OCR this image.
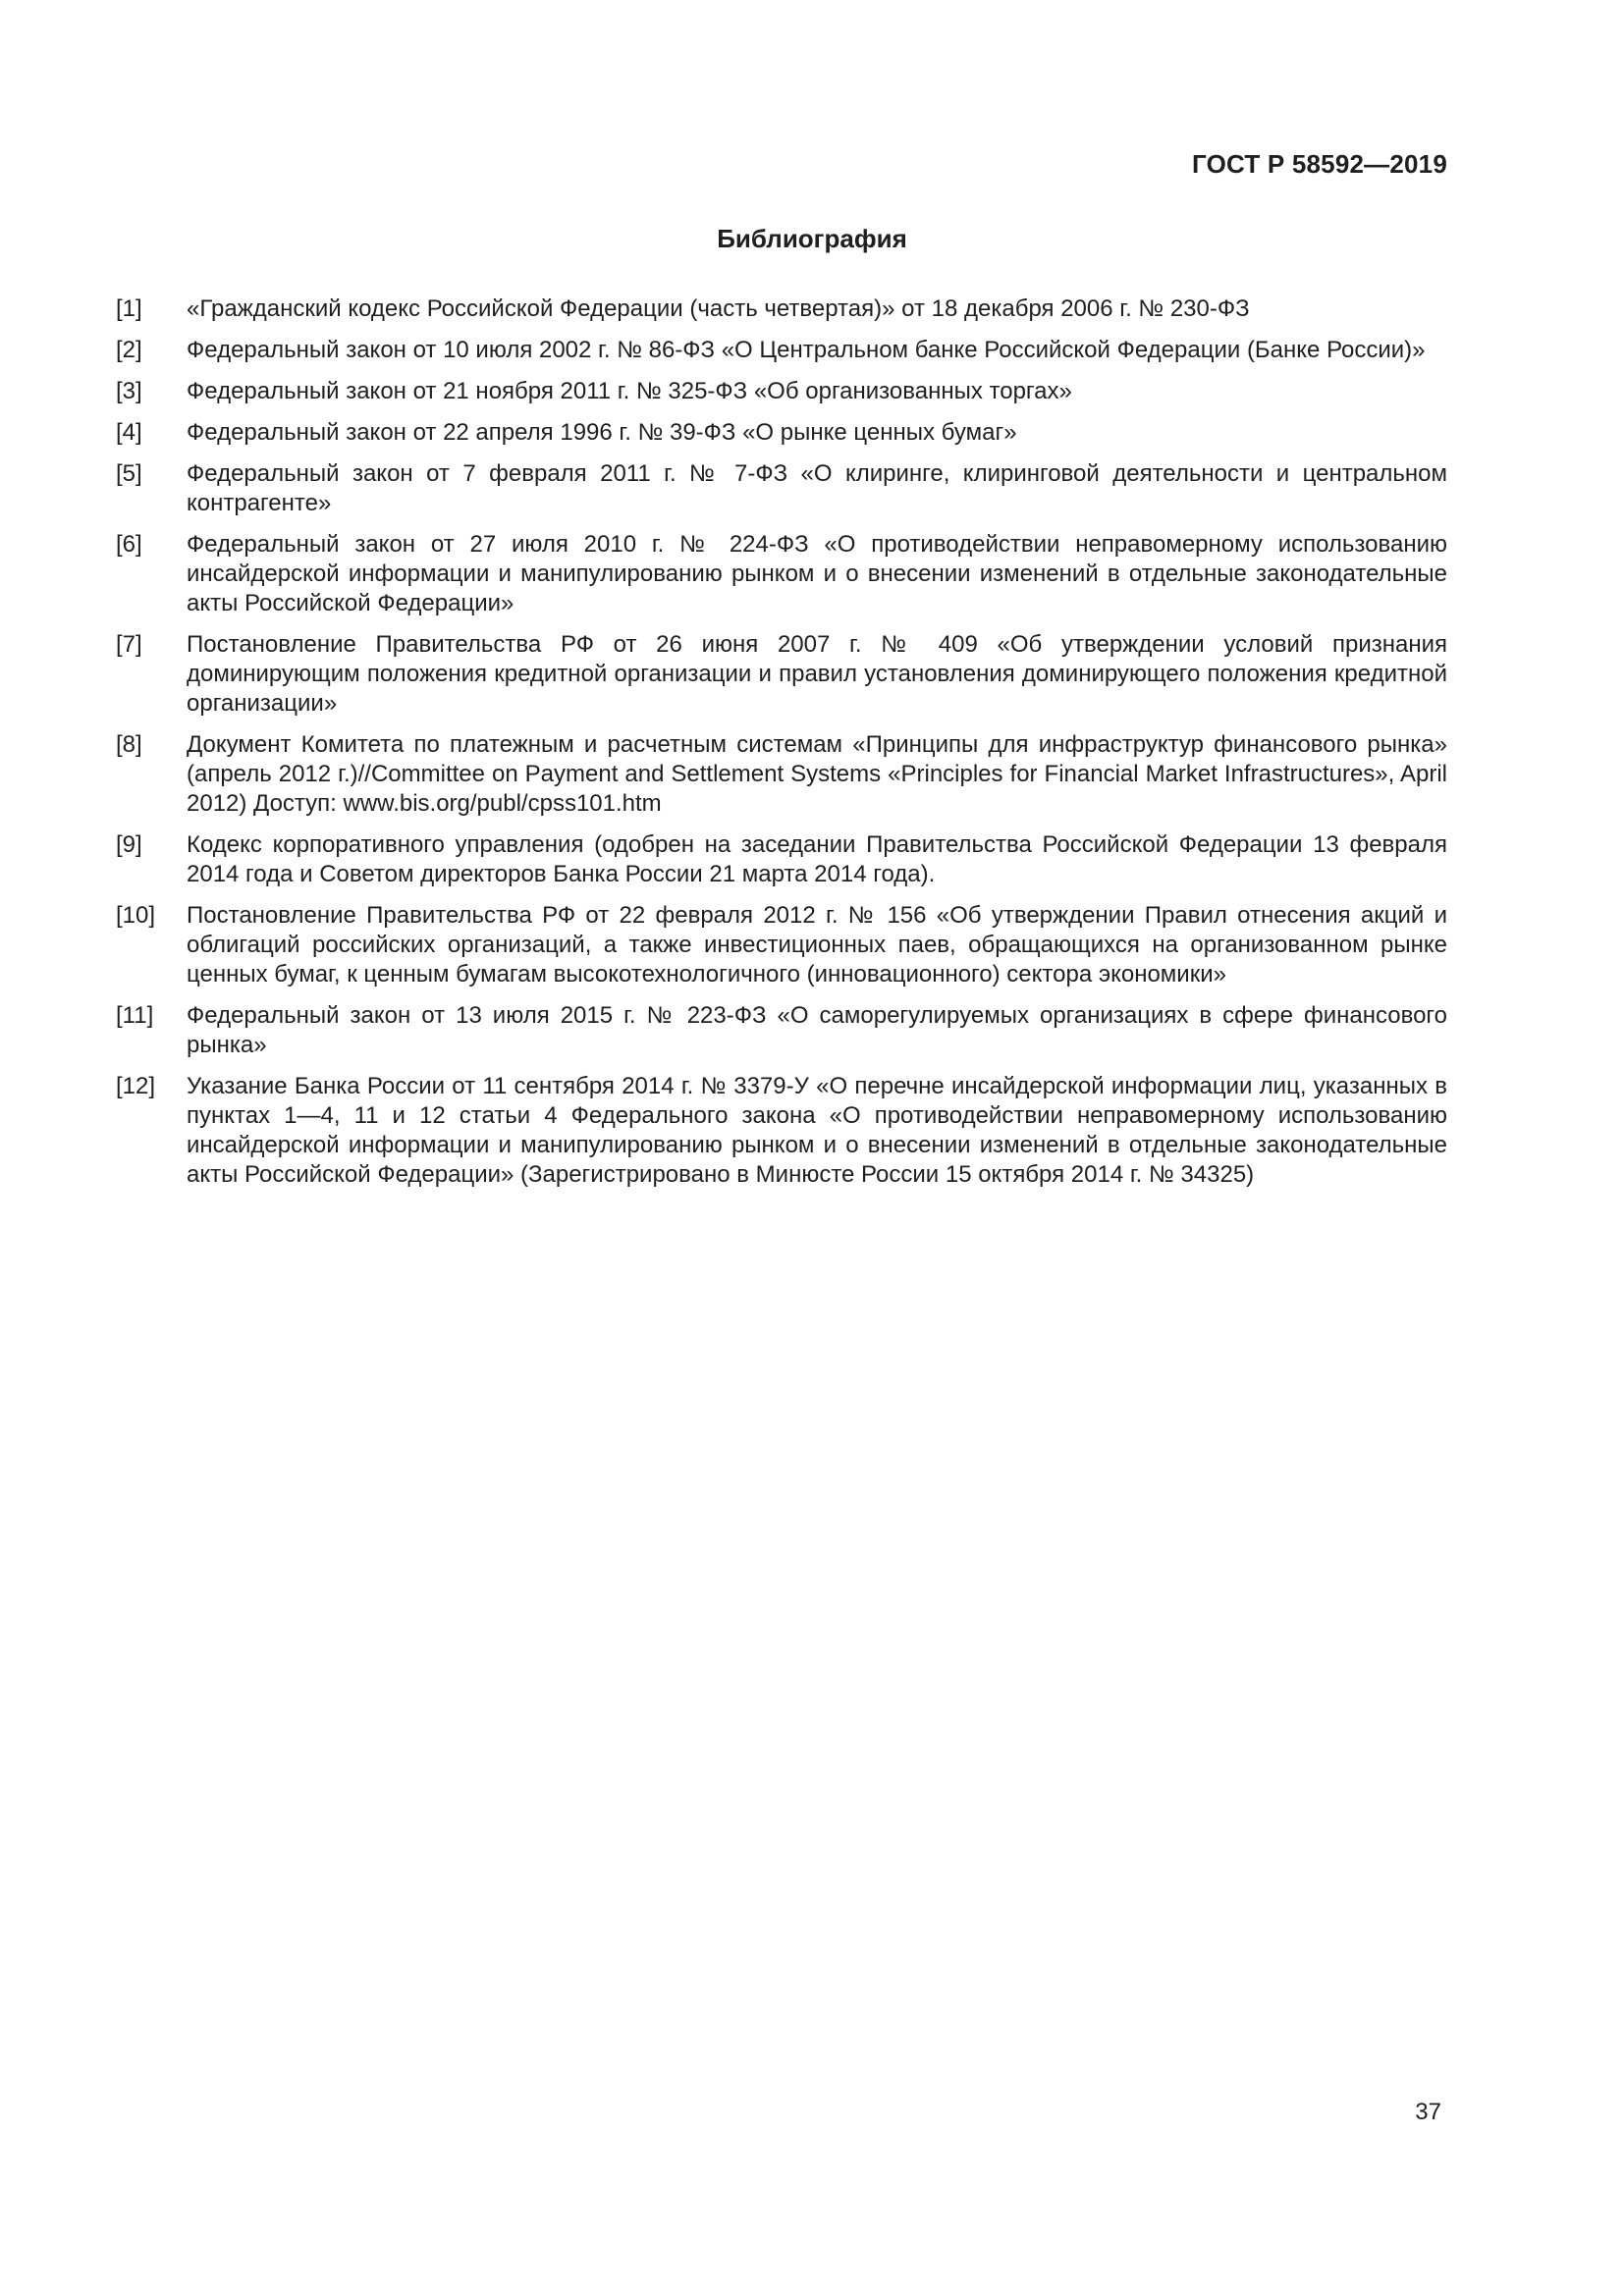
ГОСТ Р 58592—2019

Библиография
[1]	«Гражданский кодекс Российской Федерации (часть четвертая)» от 18 декабря 2006 г. № 230-ФЗ
[2]	Федеральный закон от 10 июля 2002 г. № 86-ФЗ «О Центральном банке Российской Федерации (Банке России)»
[3]	Федеральный закон от 21 ноября 2011 г. № 325-ФЗ «Об организованных торгах»
[4]	Федеральный закон от 22 апреля 1996 г. № 39-ФЗ «О рынке ценных бумаг»
[5]	Федеральный закон от 7 февраля 2011 г. № 7-ФЗ «О клиринге, клиринговой деятельности и центральном контрагенте»
[6]	Федеральный закон от 27 июля 2010 г. № 224-ФЗ «О противодействии неправомерному использованию инсайдерской информации и манипулированию рынком и о внесении изменений в отдельные законодательные акты Российской Федерации»
[7]	Постановление Правительства РФ от 26 июня 2007 г. № 409 «Об утверждении условий признания доминирующим положения кредитной организации и правил установления доминирующего положения кредитной организации»
[8]	Документ Комитета по платежным и расчетным системам «Принципы для инфраструктур финансового рынка» (апрель 2012 г.)//Committee on Payment and Settlement Systems «Principles for Financial Market Infrastructures», April 2012) Доступ: www.bis.org/publ/cpss101.htm
[9]	Кодекс корпоративного управления (одобрен на заседании Правительства Российской Федерации 13 февраля 2014 года и Советом директоров Банка России 21 марта 2014 года).
[10]	Постановление Правительства РФ от 22 февраля 2012 г. № 156 «Об утверждении Правил отнесения акций и облигаций российских организаций, а также инвестиционных паев, обращающихся на организованном рынке ценных бумаг, к ценным бумагам высокотехнологичного (инновационного) сектора экономики»
[11]	Федеральный закон от 13 июля 2015 г. № 223-ФЗ «О саморегулируемых организациях в сфере финансового рынка»
[12]	Указание Банка России от 11 сентября 2014 г. № 3379-У «О перечне инсайдерской информации лиц, указанных в пунктах 1—4, 11 и 12 статьи 4 Федерального закона «О противодействии неправомерному использованию инсайдерской информации и манипулированию рынком и о внесении изменений в отдельные законодательные акты Российской Федерации» (Зарегистрировано в Минюсте России 15 октября 2014 г. № 34325)

37
